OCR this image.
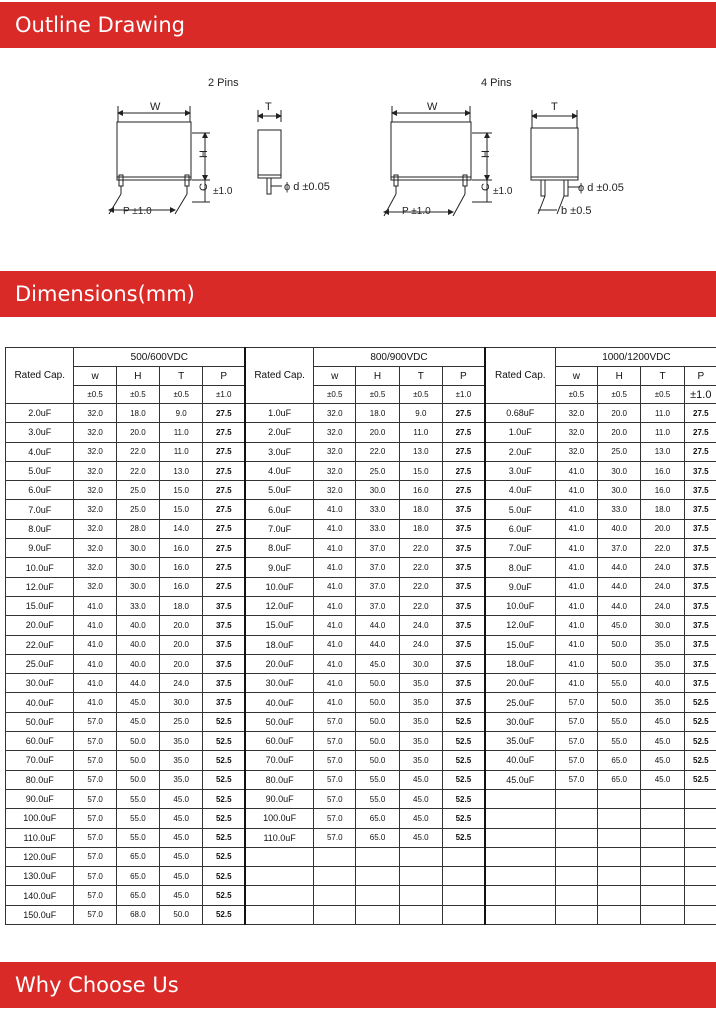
Outline Drawing
2 Pins	4 Pins
W
H
C ±1.0
P ±1.0
T
ϕ d ±0.05
W
H
C ±1.0
P ±1.0
T
ϕ d ±0.05
b ±0.5
Dimensions(mm)
Rated Cap.	500/600VDC				Rated Cap.	800/900VDC				Rated Cap.	1000/1200VDC			
	w	H	T	P		w	H	T	P		w	H	T	P
	±0.5	±0.5	±0.5	±1.0		±0.5	±0.5	±0.5	±1.0		±0.5	±0.5	±0.5	±1.0
2.0uF	32.0	18.0	9.0	27.5	1.0uF	32.0	18.0	9.0	27.5	0.68uF	32.0	20.0	11.0	27.5
3.0uF	32.0	20.0	11.0	27.5	2.0uF	32.0	20.0	11.0	27.5	1.0uF	32.0	20.0	11.0	27.5
4.0uF	32.0	22.0	11.0	27.5	3.0uF	32.0	22.0	13.0	27.5	2.0uF	32.0	25.0	13.0	27.5
5.0uF	32.0	22.0	13.0	27.5	4.0uF	32.0	25.0	15.0	27.5	3.0uF	41.0	30.0	16.0	37.5
6.0uF	32.0	25.0	15.0	27.5	5.0uF	32.0	30.0	16.0	27.5	4.0uF	41.0	30.0	16.0	37.5
7.0uF	32.0	25.0	15.0	27.5	6.0uF	41.0	33.0	18.0	37.5	5.0uF	41.0	33.0	18.0	37.5
8.0uF	32.0	28.0	14.0	27.5	7.0uF	41.0	33.0	18.0	37.5	6.0uF	41.0	40.0	20.0	37.5
9.0uF	32.0	30.0	16.0	27.5	8.0uF	41.0	37.0	22.0	37.5	7.0uF	41.0	37.0	22.0	37.5
10.0uF	32.0	30.0	16.0	27.5	9.0uF	41.0	37.0	22.0	37.5	8.0uF	41.0	44.0	24.0	37.5
12.0uF	32.0	30.0	16.0	27.5	10.0uF	41.0	37.0	22.0	37.5	9.0uF	41.0	44.0	24.0	37.5
15.0uF	41.0	33.0	18.0	37.5	12.0uF	41.0	37.0	22.0	37.5	10.0uF	41.0	44.0	24.0	37.5
20.0uF	41.0	40.0	20.0	37.5	15.0uF	41.0	44.0	24.0	37.5	12.0uF	41.0	45.0	30.0	37.5
22.0uF	41.0	40.0	20.0	37.5	18.0uF	41.0	44.0	24.0	37.5	15.0uF	41.0	50.0	35.0	37.5
25.0uF	41.0	40.0	20.0	37.5	20.0uF	41.0	45.0	30.0	37.5	18.0uF	41.0	50.0	35.0	37.5
30.0uF	41.0	44.0	24.0	37.5	30.0uF	41.0	50.0	35.0	37.5	20.0uF	41.0	55.0	40.0	37.5
40.0uF	41.0	45.0	30.0	37.5	40.0uF	41.0	50.0	35.0	37.5	25.0uF	57.0	50.0	35.0	52.5
50.0uF	57.0	45.0	25.0	52.5	50.0uF	57.0	50.0	35.0	52.5	30.0uF	57.0	55.0	45.0	52.5
60.0uF	57.0	50.0	35.0	52.5	60.0uF	57.0	50.0	35.0	52.5	35.0uF	57.0	55.0	45.0	52.5
70.0uF	57.0	50.0	35.0	52.5	70.0uF	57.0	50.0	35.0	52.5	40.0uF	57.0	65.0	45.0	52.5
80.0uF	57.0	50.0	35.0	52.5	80.0uF	57.0	55.0	45.0	52.5	45.0uF	57.0	65.0	45.0	52.5
90.0uF	57.0	55.0	45.0	52.5	90.0uF	57.0	55.0	45.0	52.5					
100.0uF	57.0	55.0	45.0	52.5	100.0uF	57.0	65.0	45.0	52.5					
110.0uF	57.0	55.0	45.0	52.5	110.0uF	57.0	65.0	45.0	52.5					
120.0uF	57.0	65.0	45.0	52.5										
130.0uF	57.0	65.0	45.0	52.5										
140.0uF	57.0	65.0	45.0	52.5										
150.0uF	57.0	68.0	50.0	52.5										
Why Choose Us
